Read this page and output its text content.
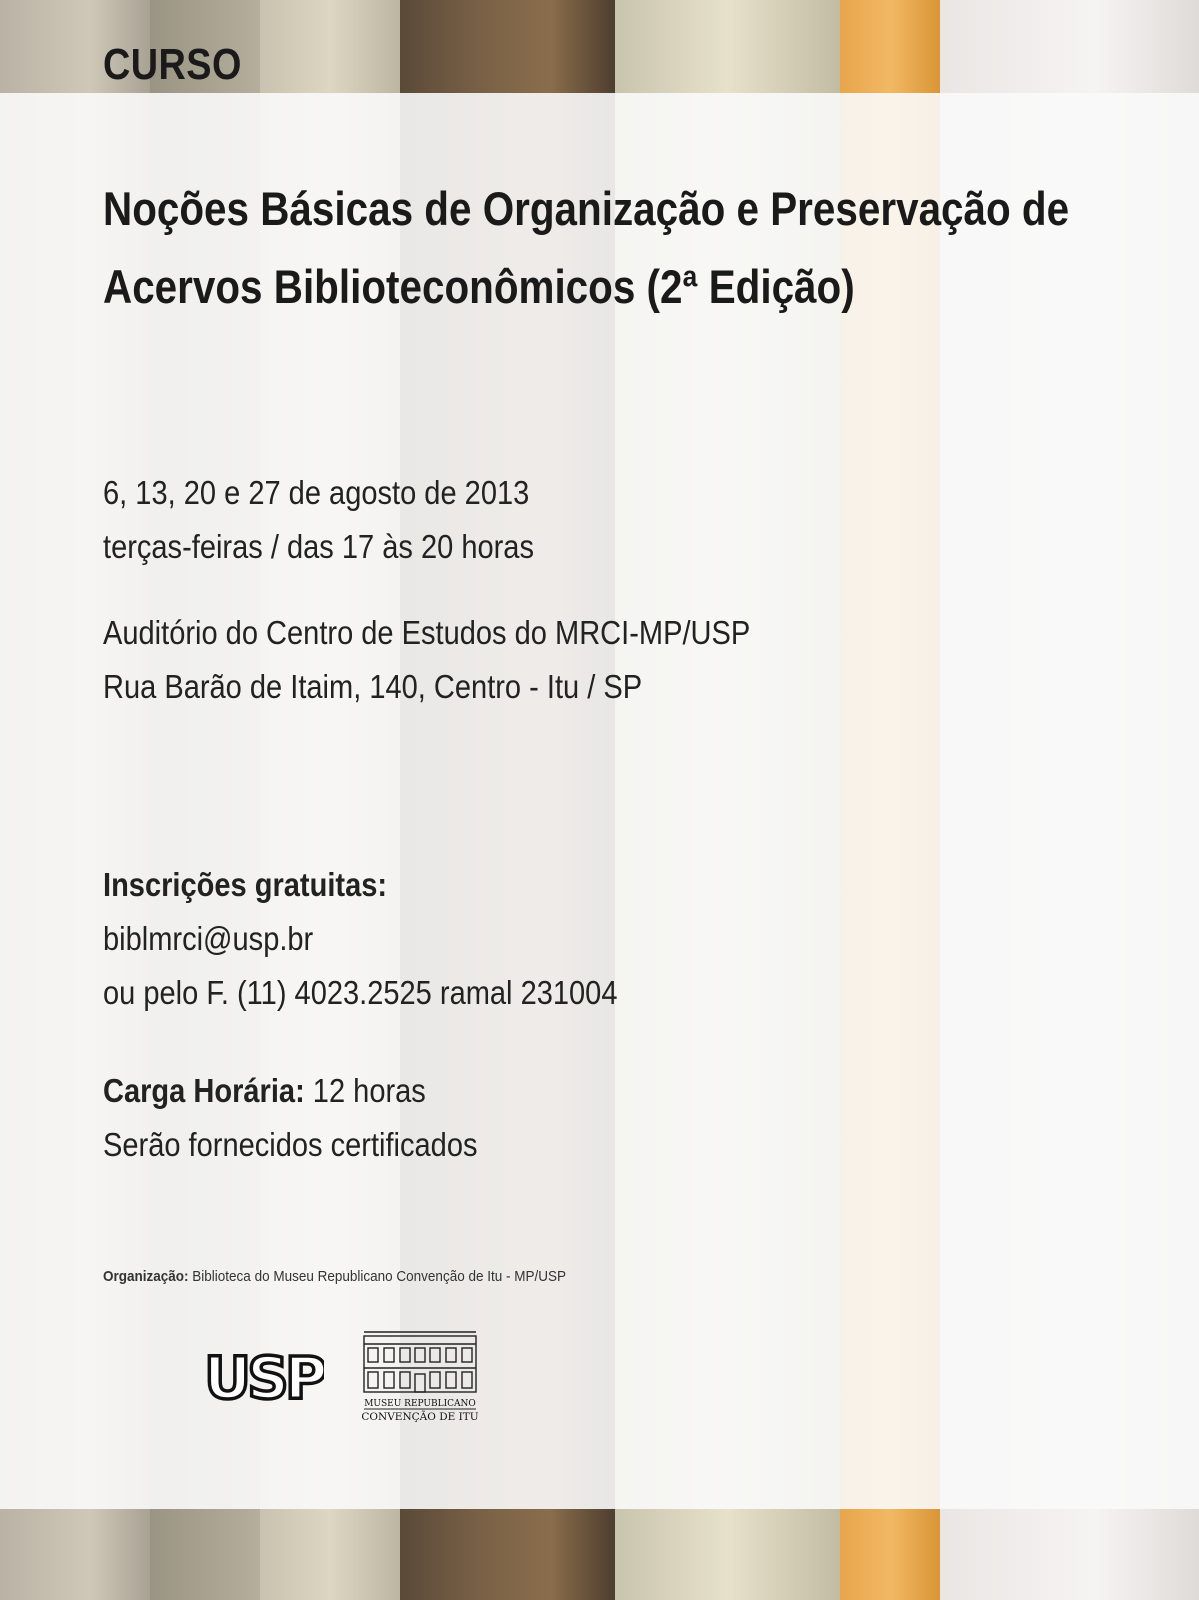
CURSO
Noções Básicas de Organização e Preservação de
Acervos Biblioteconômicos (2ª Edição)
6, 13, 20 e 27 de agosto de 2013
terças-feiras / das 17 às 20 horas
Auditório do Centro de Estudos do MRCI-MP/USP
Rua Barão de Itaim, 140, Centro - Itu / SP
Inscrições gratuitas:
biblmrci@usp.br
ou pelo F. (11) 4023.2525 ramal 231004
Carga Horária: 12 horas
Serão fornecidos certificados
Organização: Biblioteca do Museu Republicano Convenção de Itu - MP/USP
USP	MUSEU REPUBLICANO
CONVENÇÃO DE ITU
